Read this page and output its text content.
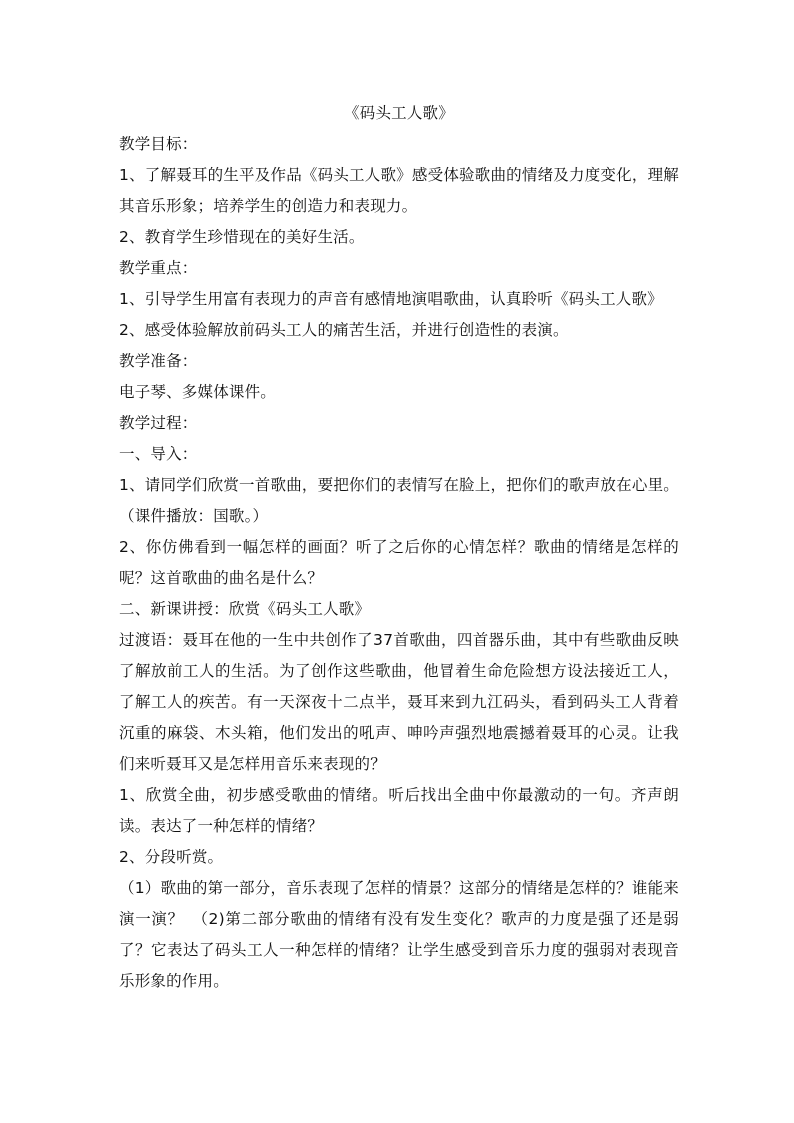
《码头工人歌》

教学目标：

1、了解聂耳的生平及作品《码头工人歌》感受体验歌曲的情绪及力度变化，理解其音乐形象；培养学生的创造力和表现力。

2、教育学生珍惜现在的美好生活。

教学重点：

1、引导学生用富有表现力的声音有感情地演唱歌曲，认真聆听《码头工人歌》

2、感受体验解放前码头工人的痛苦生活，并进行创造性的表演。

教学准备：

电子琴、多媒体课件。

教学过程：

一、导入：

1、请同学们欣赏一首歌曲，要把你们的表情写在脸上，把你们的歌声放在心里。（课件播放：国歌。）

2、你仿佛看到一幅怎样的画面？听了之后你的心情怎样？歌曲的情绪是怎样的呢？这首歌曲的曲名是什么？

二、新课讲授：欣赏《码头工人歌》

过渡语：聂耳在他的一生中共创作了37首歌曲，四首器乐曲，其中有些歌曲反映了解放前工人的生活。为了创作这些歌曲，他冒着生命危险想方设法接近工人，了解工人的疾苦。有一天深夜十二点半，聂耳来到九江码头，看到码头工人背着沉重的麻袋、木头箱，他们发出的吼声、呻吟声强烈地震撼着聂耳的心灵。让我们来听聂耳又是怎样用音乐来表现的？

1、欣赏全曲，初步感受歌曲的情绪。听后找出全曲中你最激动的一句。齐声朗读。表达了一种怎样的情绪？

2、分段听赏。

（1）歌曲的第一部分，音乐表现了怎样的情景？这部分的情绪是怎样的？谁能来演一演？　（2)第二部分歌曲的情绪有没有发生变化？歌声的力度是强了还是弱了？它表达了码头工人一种怎样的情绪？让学生感受到音乐力度的强弱对表现音乐形象的作用。
